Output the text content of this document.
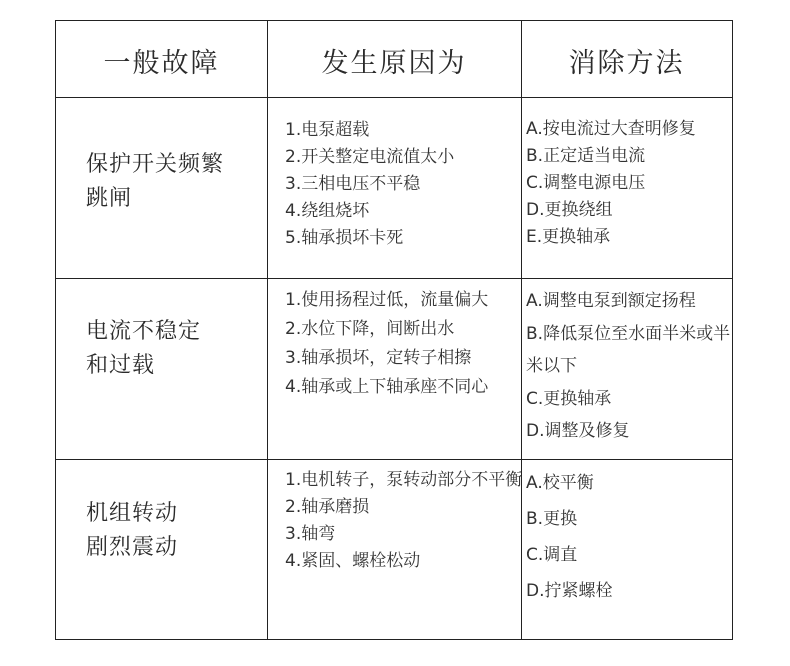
一般故障	发生原因为	消除方法
保护开关频繁
跳闸
1.电泵超载
2.开关整定电流值太小
3.三相电压不平稳
4.绕组烧坏
5.轴承损坏卡死
A.按电流过大查明修复
B.正定适当电流
C.调整电源电压
D.更换绕组
E.更换轴承
电流不稳定
和过载
1.使用扬程过低，流量偏大
2.水位下降，间断出水
3.轴承损坏，定转子相擦
4.轴承或上下轴承座不同心
A.调整电泵到额定扬程
B.降低泵位至水面半米或半米以下
C.更换轴承
D.调整及修复
机组转动
剧烈震动
1.电机转子，泵转动部分不平衡
2.轴承磨损
3.轴弯
4.紧固、螺栓松动
A.校平衡
B.更换
C.调直
D.拧紧螺栓
